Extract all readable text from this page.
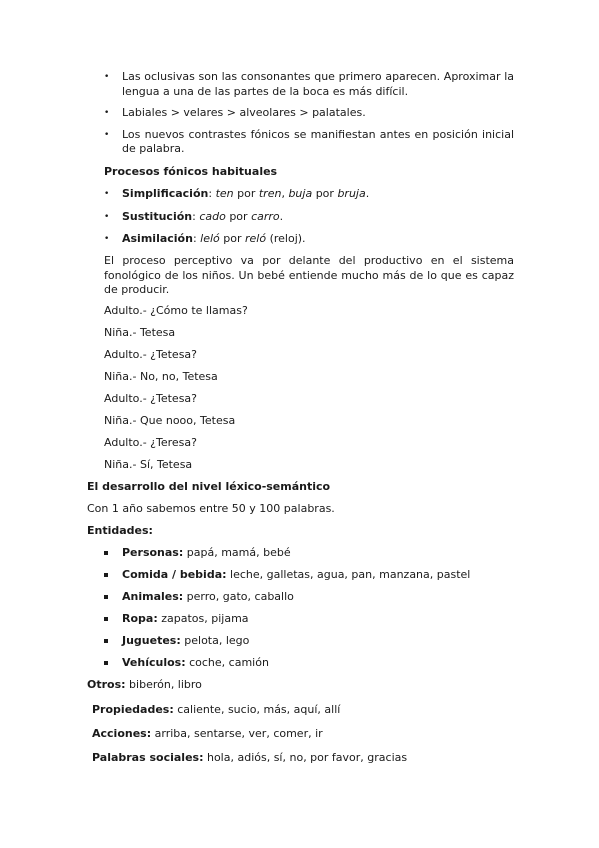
• Las oclusivas son las consonantes que primero aparecen. Aproximar la lengua a una de las partes de la boca es más difícil.
• Labiales > velares > alveolares > palatales.
• Los nuevos contrastes fónicos se manifiestan antes en posición inicial de palabra.
Procesos fónicos habituales
• Simplificación: ten por tren, buja por bruja.
• Sustitución: cado por carro.
• Asimilación: leló por reló (reloj).
El proceso perceptivo va por delante del productivo en el sistema fonológico de los niños. Un bebé entiende mucho más de lo que es capaz de producir.
Adulto.- ¿Cómo te llamas?
Niña.- Tetesa
Adulto.- ¿Tetesa?
Niña.- No, no, Tetesa
Adulto.- ¿Tetesa?
Niña.- Que nooo, Tetesa
Adulto.- ¿Teresa?
Niña.- Sí, Tetesa
El desarrollo del nivel léxico-semántico
Con 1 año sabemos entre 50 y 100 palabras.
Entidades:
Personas: papá, mamá, bebé
Comida / bebida: leche, galletas, agua, pan, manzana, pastel
Animales: perro, gato, caballo
Ropa: zapatos, pijama
Juguetes: pelota, lego
Vehículos: coche, camión
Otros: biberón, libro
Propiedades: caliente, sucio, más, aquí, allí
Acciones: arriba, sentarse, ver, comer, ir
Palabras sociales: hola, adiós, sí, no, por favor, gracias
